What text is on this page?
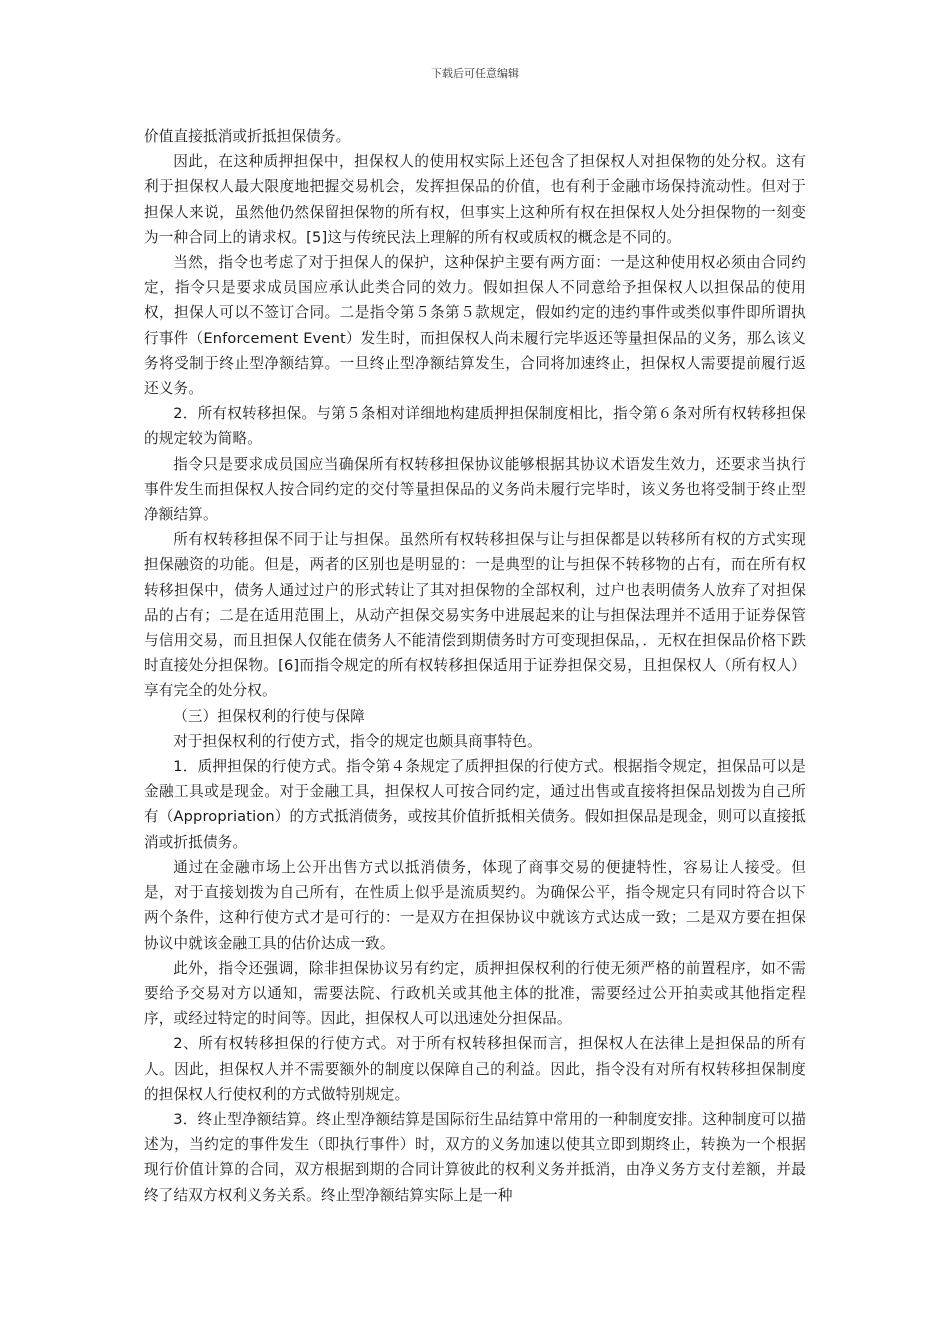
下载后可任意编辑

价值直接抵消或折抵担保债务。

因此，在这种质押担保中，担保权人的使用权实际上还包含了担保权人对担保物的处分权。这有利于担保权人最大限度地把握交易机会，发挥担保品的价值，也有利于金融市场保持流动性。但对于担保人来说，虽然他仍然保留担保物的所有权，但事实上这种所有权在担保权人处分担保物的一刻变为一种合同上的请求权。[5]这与传统民法上理解的所有权或质权的概念是不同的。

当然，指令也考虑了对于担保人的保护，这种保护主要有两方面：一是这种使用权必须由合同约定，指令只是要求成员国应承认此类合同的效力。假如担保人不同意给予担保权人以担保品的使用权，担保人可以不签订合同。二是指令第５条第５款规定，假如约定的违约事件或类似事件即所谓执行事件（Enforcement Event）发生时，而担保权人尚未履行完毕返还等量担保品的义务，那么该义务将受制于终止型净额结算。一旦终止型净额结算发生，合同将加速终止，担保权人需要提前履行返还义务。

2．所有权转移担保。与第５条相对详细地构建质押担保制度相比，指令第６条对所有权转移担保的规定较为简略。

指令只是要求成员国应当确保所有权转移担保协议能够根据其协议术语发生效力，还要求当执行事件发生而担保权人按合同约定的交付等量担保品的义务尚未履行完毕时，该义务也将受制于终止型净额结算。

所有权转移担保不同于让与担保。虽然所有权转移担保与让与担保都是以转移所有权的方式实现担保融资的功能。但是，两者的区别也是明显的：一是典型的让与担保不转移物的占有，而在所有权转移担保中，债务人通过过户的形式转让了其对担保物的全部权利，过户也表明债务人放弃了对担保品的占有；二是在适用范围上，从动产担保交易实务中进展起来的让与担保法理并不适用于证券保管与信用交易，而且担保人仅能在债务人不能清偿到期债务时方可变现担保品，．无权在担保品价格下跌时直接处分担保物。[6]而指令规定的所有权转移担保适用于证券担保交易，且担保权人（所有权人）享有完全的处分权。

（三）担保权利的行使与保障

对于担保权利的行使方式，指令的规定也颇具商事特色。

1．质押担保的行使方式。指令第４条规定了质押担保的行使方式。根据指令规定，担保品可以是金融工具或是现金。对于金融工具，担保权人可按合同约定，通过出售或直接将担保品划拨为自己所有（Appropriation）的方式抵消债务，或按其价值折抵相关债务。假如担保品是现金，则可以直接抵消或折抵债务。

通过在金融市场上公开出售方式以抵消债务，体现了商事交易的便捷特性，容易让人接受。但是，对于直接划拨为自己所有，在性质上似乎是流质契约。为确保公平，指令规定只有同时符合以下两个条件，这种行使方式才是可行的：一是双方在担保协议中就该方式达成一致；二是双方要在担保协议中就该金融工具的估价达成一致。

此外，指令还强调，除非担保协议另有约定，质押担保权利的行使无须严格的前置程序，如不需要给予交易对方以通知，需要法院、行政机关或其他主体的批准，需要经过公开拍卖或其他指定程序，或经过特定的时间等。因此，担保权人可以迅速处分担保品。

2、所有权转移担保的行使方式。对于所有权转移担保而言，担保权人在法律上是担保品的所有人。因此，担保权人并不需要额外的制度以保障自己的利益。因此，指令没有对所有权转移担保制度的担保权人行使权利的方式做特别规定。

3．终止型净额结算。终止型净额结算是国际衍生品结算中常用的一种制度安排。这种制度可以描述为，当约定的事件发生（即执行事件）时，双方的义务加速以使其立即到期终止，转换为一个根据现行价值计算的合同，双方根据到期的合同计算彼此的权利义务并抵消，由净义务方支付差额，并最终了结双方权利义务关系。终止型净额结算实际上是一种
